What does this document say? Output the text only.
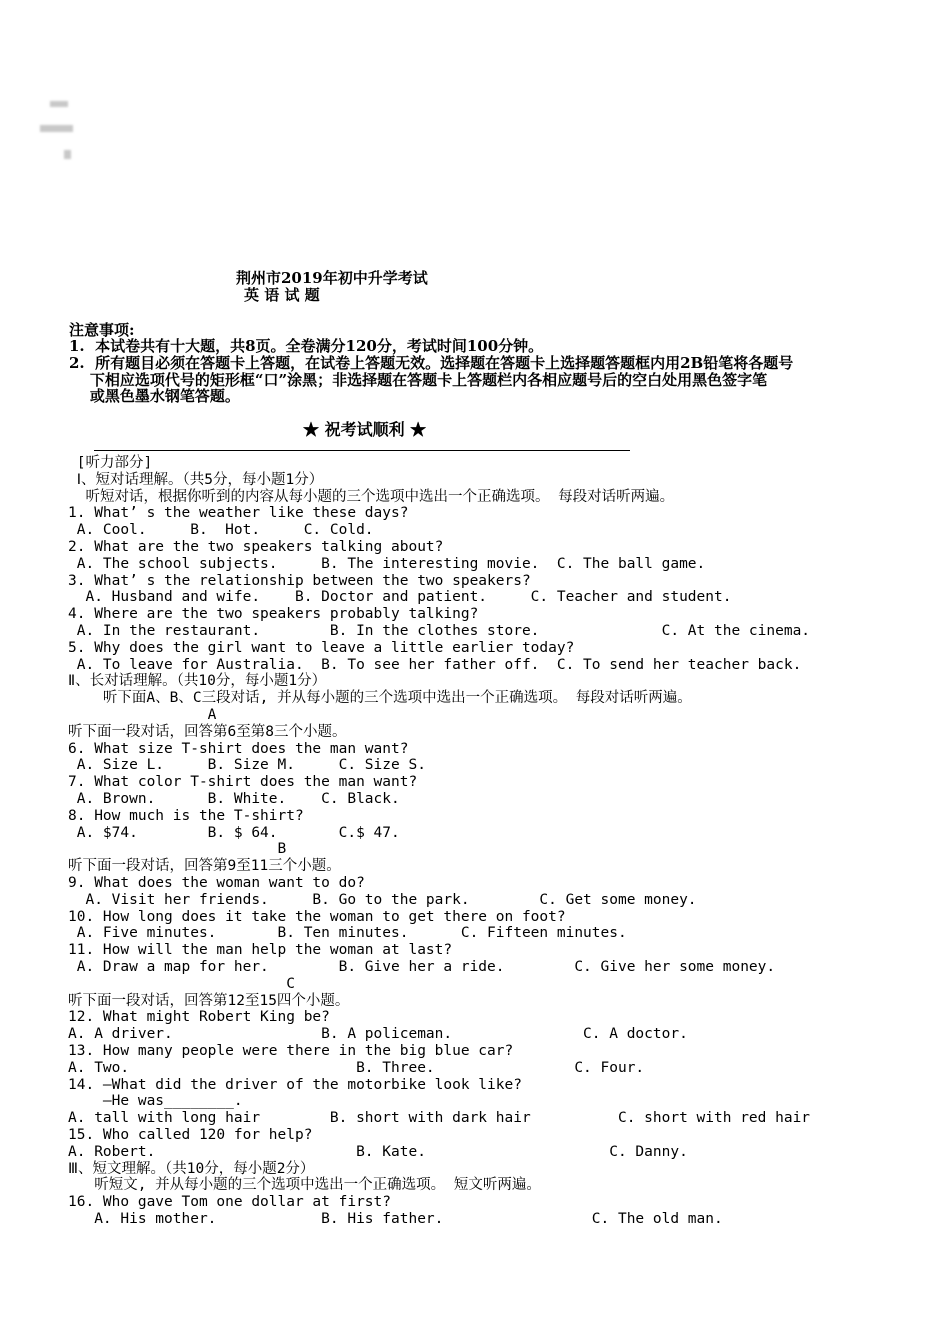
荆州市2019年初中升学考试
英 语 试 题
注意事项:
1.  本试卷共有十大题，共8页。全卷满分120分，考试时间100分钟。
2.  所有题目必须在答题卡上答题，在试卷上答题无效。选择题在答题卡上选择题答题框内用2B铅笔将各题号
下相应选项代号的矩形框“口”涂黑；非选择题在答题卡上答题栏内各相应题号后的空白处用黑色签字笔
或黑色墨水钢笔答题。
★ 祝考试顺利 ★
[听力部分]
Ⅰ、短对话理解。（共5分，每小题1分）
听短对话，根据你听到的内容从每小题的三个选项中选出一个正确选项。 每段对话听两遍。
1. What’ s the weather like these days?
A. Cool.     B.  Hot.     C. Cold.
2. What are the two speakers talking about?
A. The school subjects.     B. The interesting movie.  C. The ball game.
3. What’ s the relationship between the two speakers?
A. Husband and wife.    B. Doctor and patient.     C. Teacher and student.
4. Where are the two speakers probably talking?
A. In the restaurant.        B. In the clothes store.              C. At the cinema.
5. Why does the girl want to leave a little earlier today?
A. To leave for Australia.  B. To see her father off.  C. To send her teacher back.
Ⅱ、长对话理解。（共10分，每小题1分）
听下面A、B、C三段对话, 并从每小题的三个选项中选出一个正确选项。 每段对话听两遍。
A
听下面一段对话，回答第6至第8三个小题。
6. What size T-shirt does the man want?
A. Size L.     B. Size M.     C. Size S.
7. What color T-shirt does the man want?
A. Brown.      B. White.    C. Black.
8. How much is the T-shirt?
A. $74.        B. $ 64.       C.$ 47.
B
听下面一段对话，回答第9至11三个小题。
9. What does the woman want to do?
A. Visit her friends.     B. Go to the park.        C. Get some money.
10. How long does it take the woman to get there on foot?
A. Five minutes.       B. Ten minutes.      C. Fifteen minutes.
11. How will the man help the woman at last?
A. Draw a map for her.        B. Give her a ride.        C. Give her some money.
C
听下面一段对话，回答第12至15四个小题。
12. What might Robert King be?
A. A driver.                 B. A policeman.               C. A doctor.
13. How many people were there in the big blue car?
A. Two.                          B. Three.                C. Four.
14. —What did the driver of the motorbike look like?
—He was________.
A. tall with long hair        B. short with dark hair          C. short with red hair
15. Who called 120 for help?
A. Robert.                       B. Kate.                     C. Danny.
Ⅲ、短文理解。（共10分，每小题2分）
听短文, 并从每小题的三个选项中选出一个正确选项。 短文听两遍。
16. Who gave Tom one dollar at first?
A. His mother.            B. His father.                 C. The old man.
